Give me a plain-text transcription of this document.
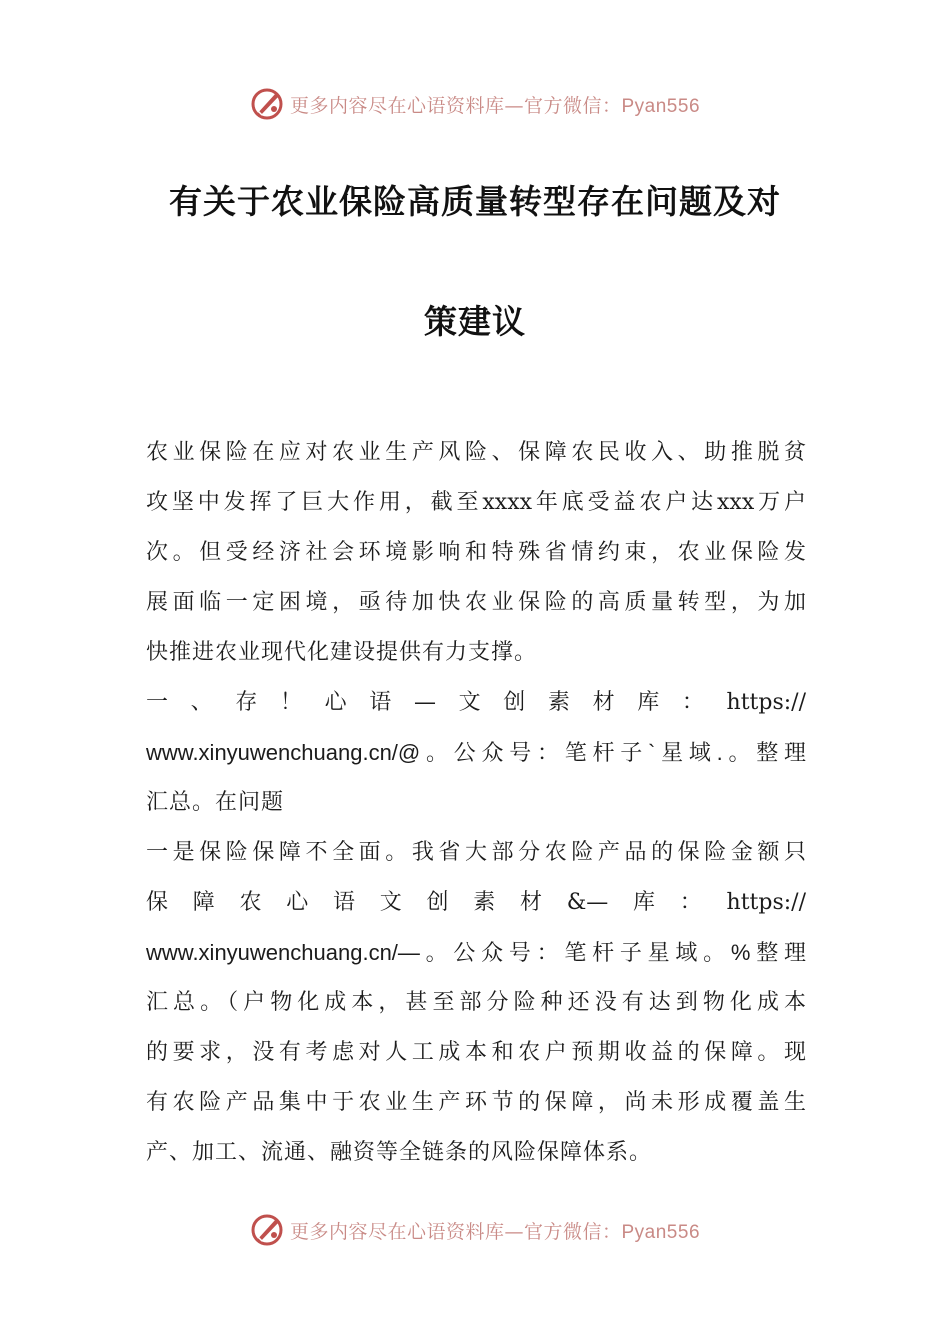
更多内容尽在心语资料库—官方微信：Pyan556
有关于农业保险高质量转型存在问题及对
策建议
农业保险在应对农业生产风险、保障农民收入、助推脱贫
攻坚中发挥了巨大作用，截至xxxx年底受益农户达xxx万户
次。但受经济社会环境影响和特殊省情约束，农业保险发
展面临一定困境，亟待加快农业保险的高质量转型，为加
快推进农业现代化建设提供有力支撑。
一、存！心语—文创素材库：https://
www.xinyuwenchuang.cn/@。公众号：笔杆子`星域.。整理
汇总。在问题
一是保险保障不全面。我省大部分农险产品的保险金额只
保障农心语文创素材&—库：https://
www.xinyuwenchuang.cn/—。公众号：笔杆子星域。%整理
汇总。（户物化成本，甚至部分险种还没有达到物化成本
的要求，没有考虑对人工成本和农户预期收益的保障。现
有农险产品集中于农业生产环节的保障，尚未形成覆盖生
产、加工、流通、融资等全链条的风险保障体系。
更多内容尽在心语资料库—官方微信：Pyan556
